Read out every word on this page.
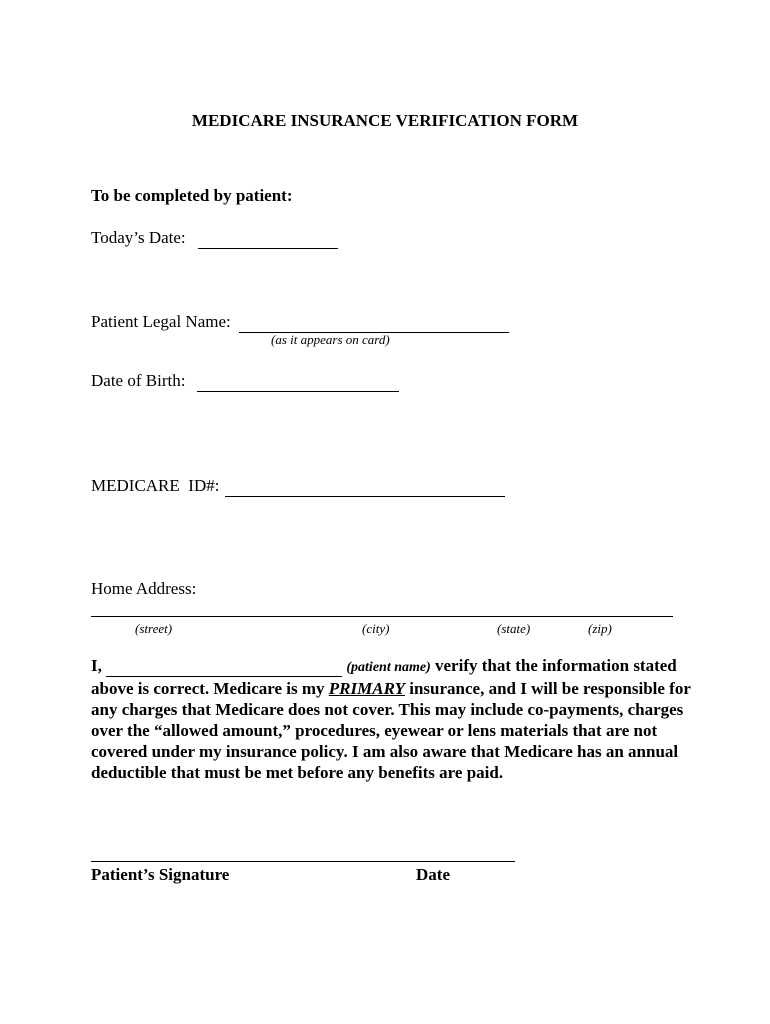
MEDICARE INSURANCE VERIFICATION FORM
To be completed by patient:
Today’s Date:
Patient Legal Name:
(as it appears on card)
Date of Birth:
MEDICARE  ID#:
Home Address:
(street)	(city)	(state)	(zip)
I,	(patient name) verify that the information stated above is correct. Medicare is my PRIMARY insurance, and I will be responsible for any charges that Medicare does not cover. This may include co-payments, charges over the “allowed amount,” procedures, eyewear or lens materials that are not covered under my insurance policy. I am also aware that Medicare has an annual deductible that must be met before any benefits are paid.
Patient’s Signature	Date
